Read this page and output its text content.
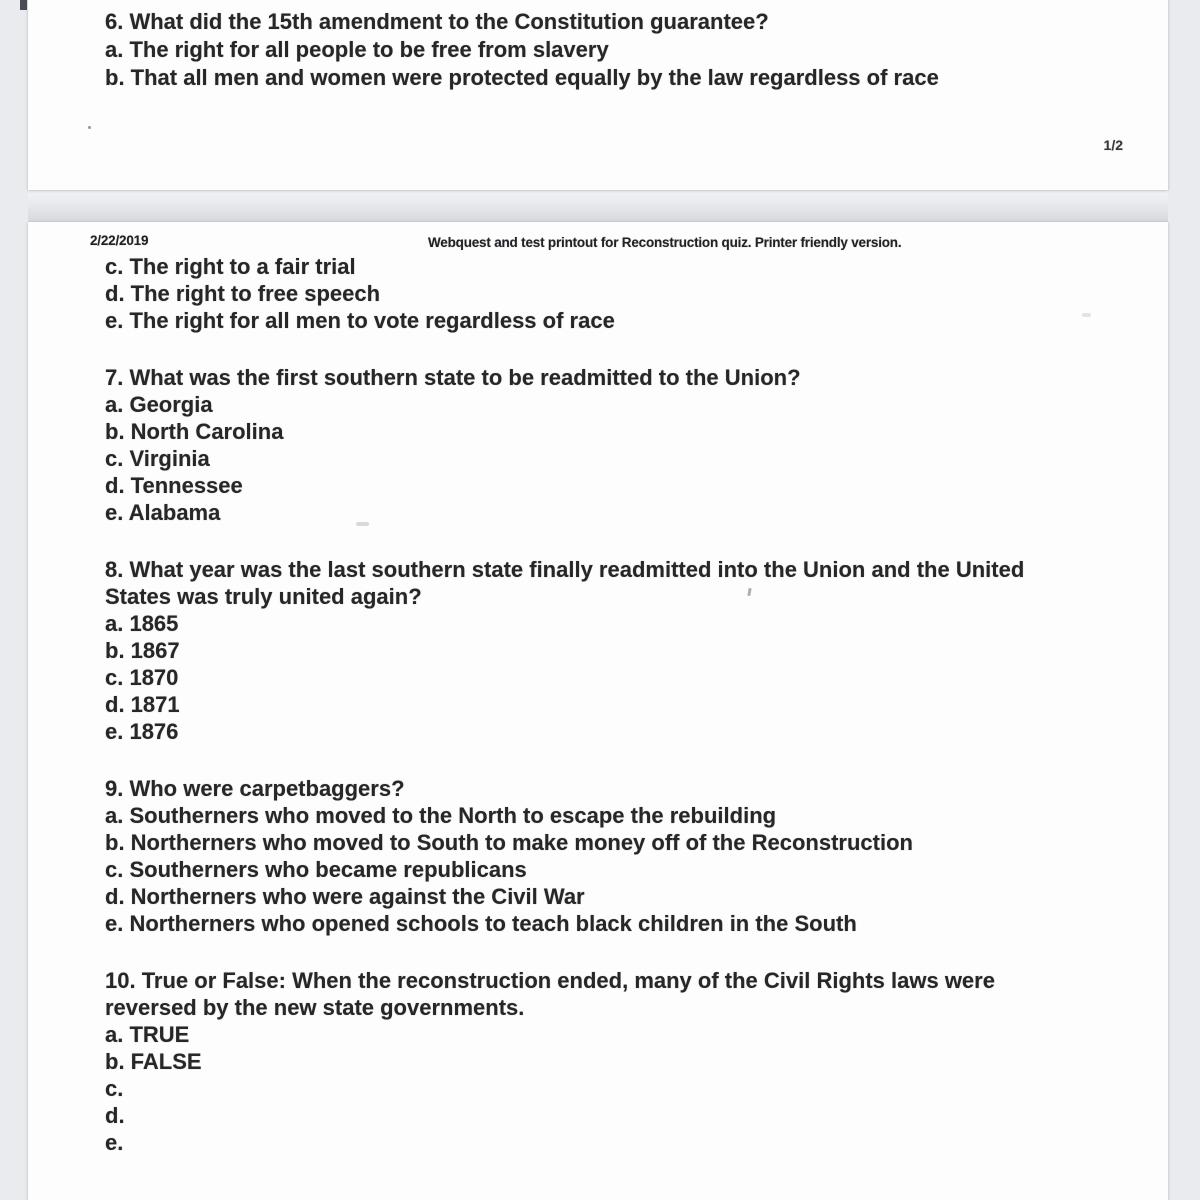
6. What did the 15th amendment to the Constitution guarantee?
a. The right for all people to be free from slavery
b. That all men and women were protected equally by the law regardless of race
1/2
2/22/2019	Webquest and test printout for Reconstruction quiz. Printer friendly version.
c. The right to a fair trial
d. The right to free speech
e. The right for all men to vote regardless of race
7. What was the first southern state to be readmitted to the Union?
a. Georgia
b. North Carolina
c. Virginia
d. Tennessee
e. Alabama
8. What year was the last southern state finally readmitted into the Union and the United
States was truly united again?
a. 1865
b. 1867
c. 1870
d. 1871
e. 1876
9. Who were carpetbaggers?
a. Southerners who moved to the North to escape the rebuilding
b. Northerners who moved to South to make money off of the Reconstruction
c. Southerners who became republicans
d. Northerners who were against the Civil War
e. Northerners who opened schools to teach black children in the South
10. True or False: When the reconstruction ended, many of the Civil Rights laws were
reversed by the new state governments.
a. TRUE
b. FALSE
c.
d.
e.
